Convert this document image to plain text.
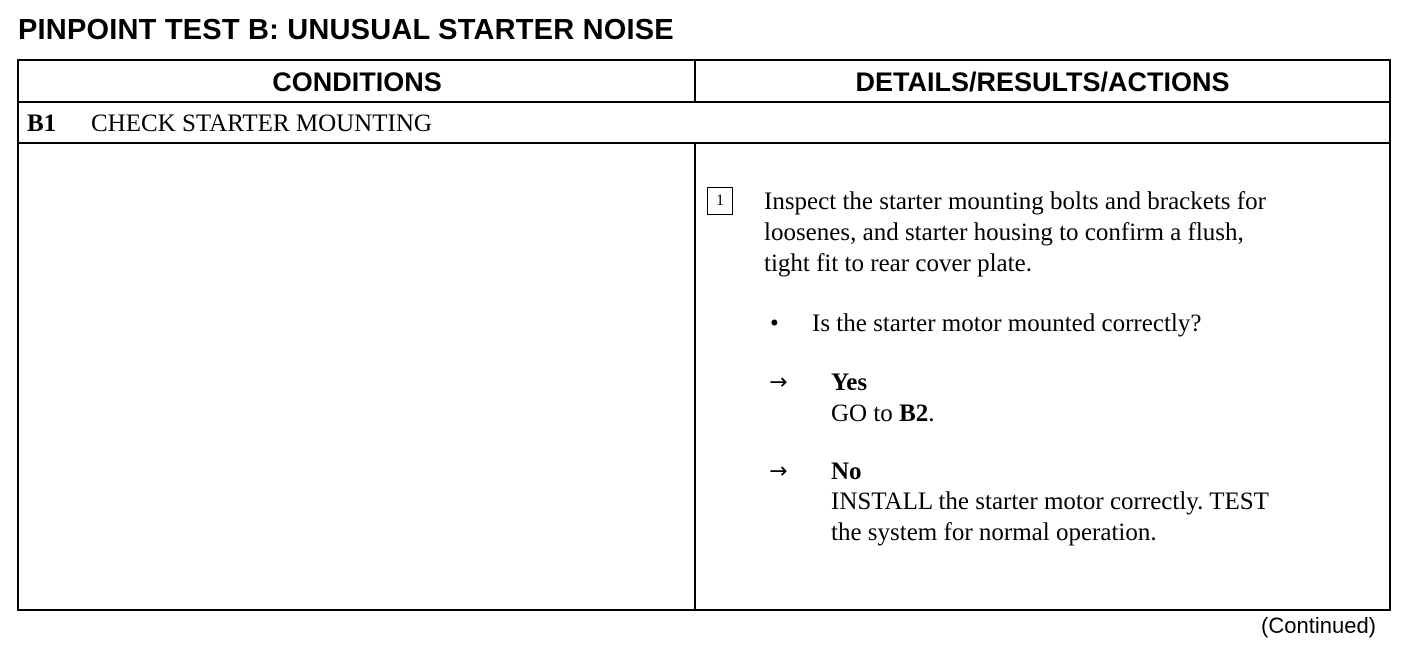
PINPOINT TEST B: UNUSUAL STARTER NOISE
CONDITIONS	DETAILS/RESULTS/ACTIONS
B1 CHECK STARTER MOUNTING
1	Inspect the starter mounting bolts and brackets for
loosenes, and starter housing to confirm a flush,
tight fit to rear cover plate.
• Is the starter motor mounted correctly?
→ Yes
GO to B2.
→ No
INSTALL the starter motor correctly. TEST
the system for normal operation.
(Continued)
